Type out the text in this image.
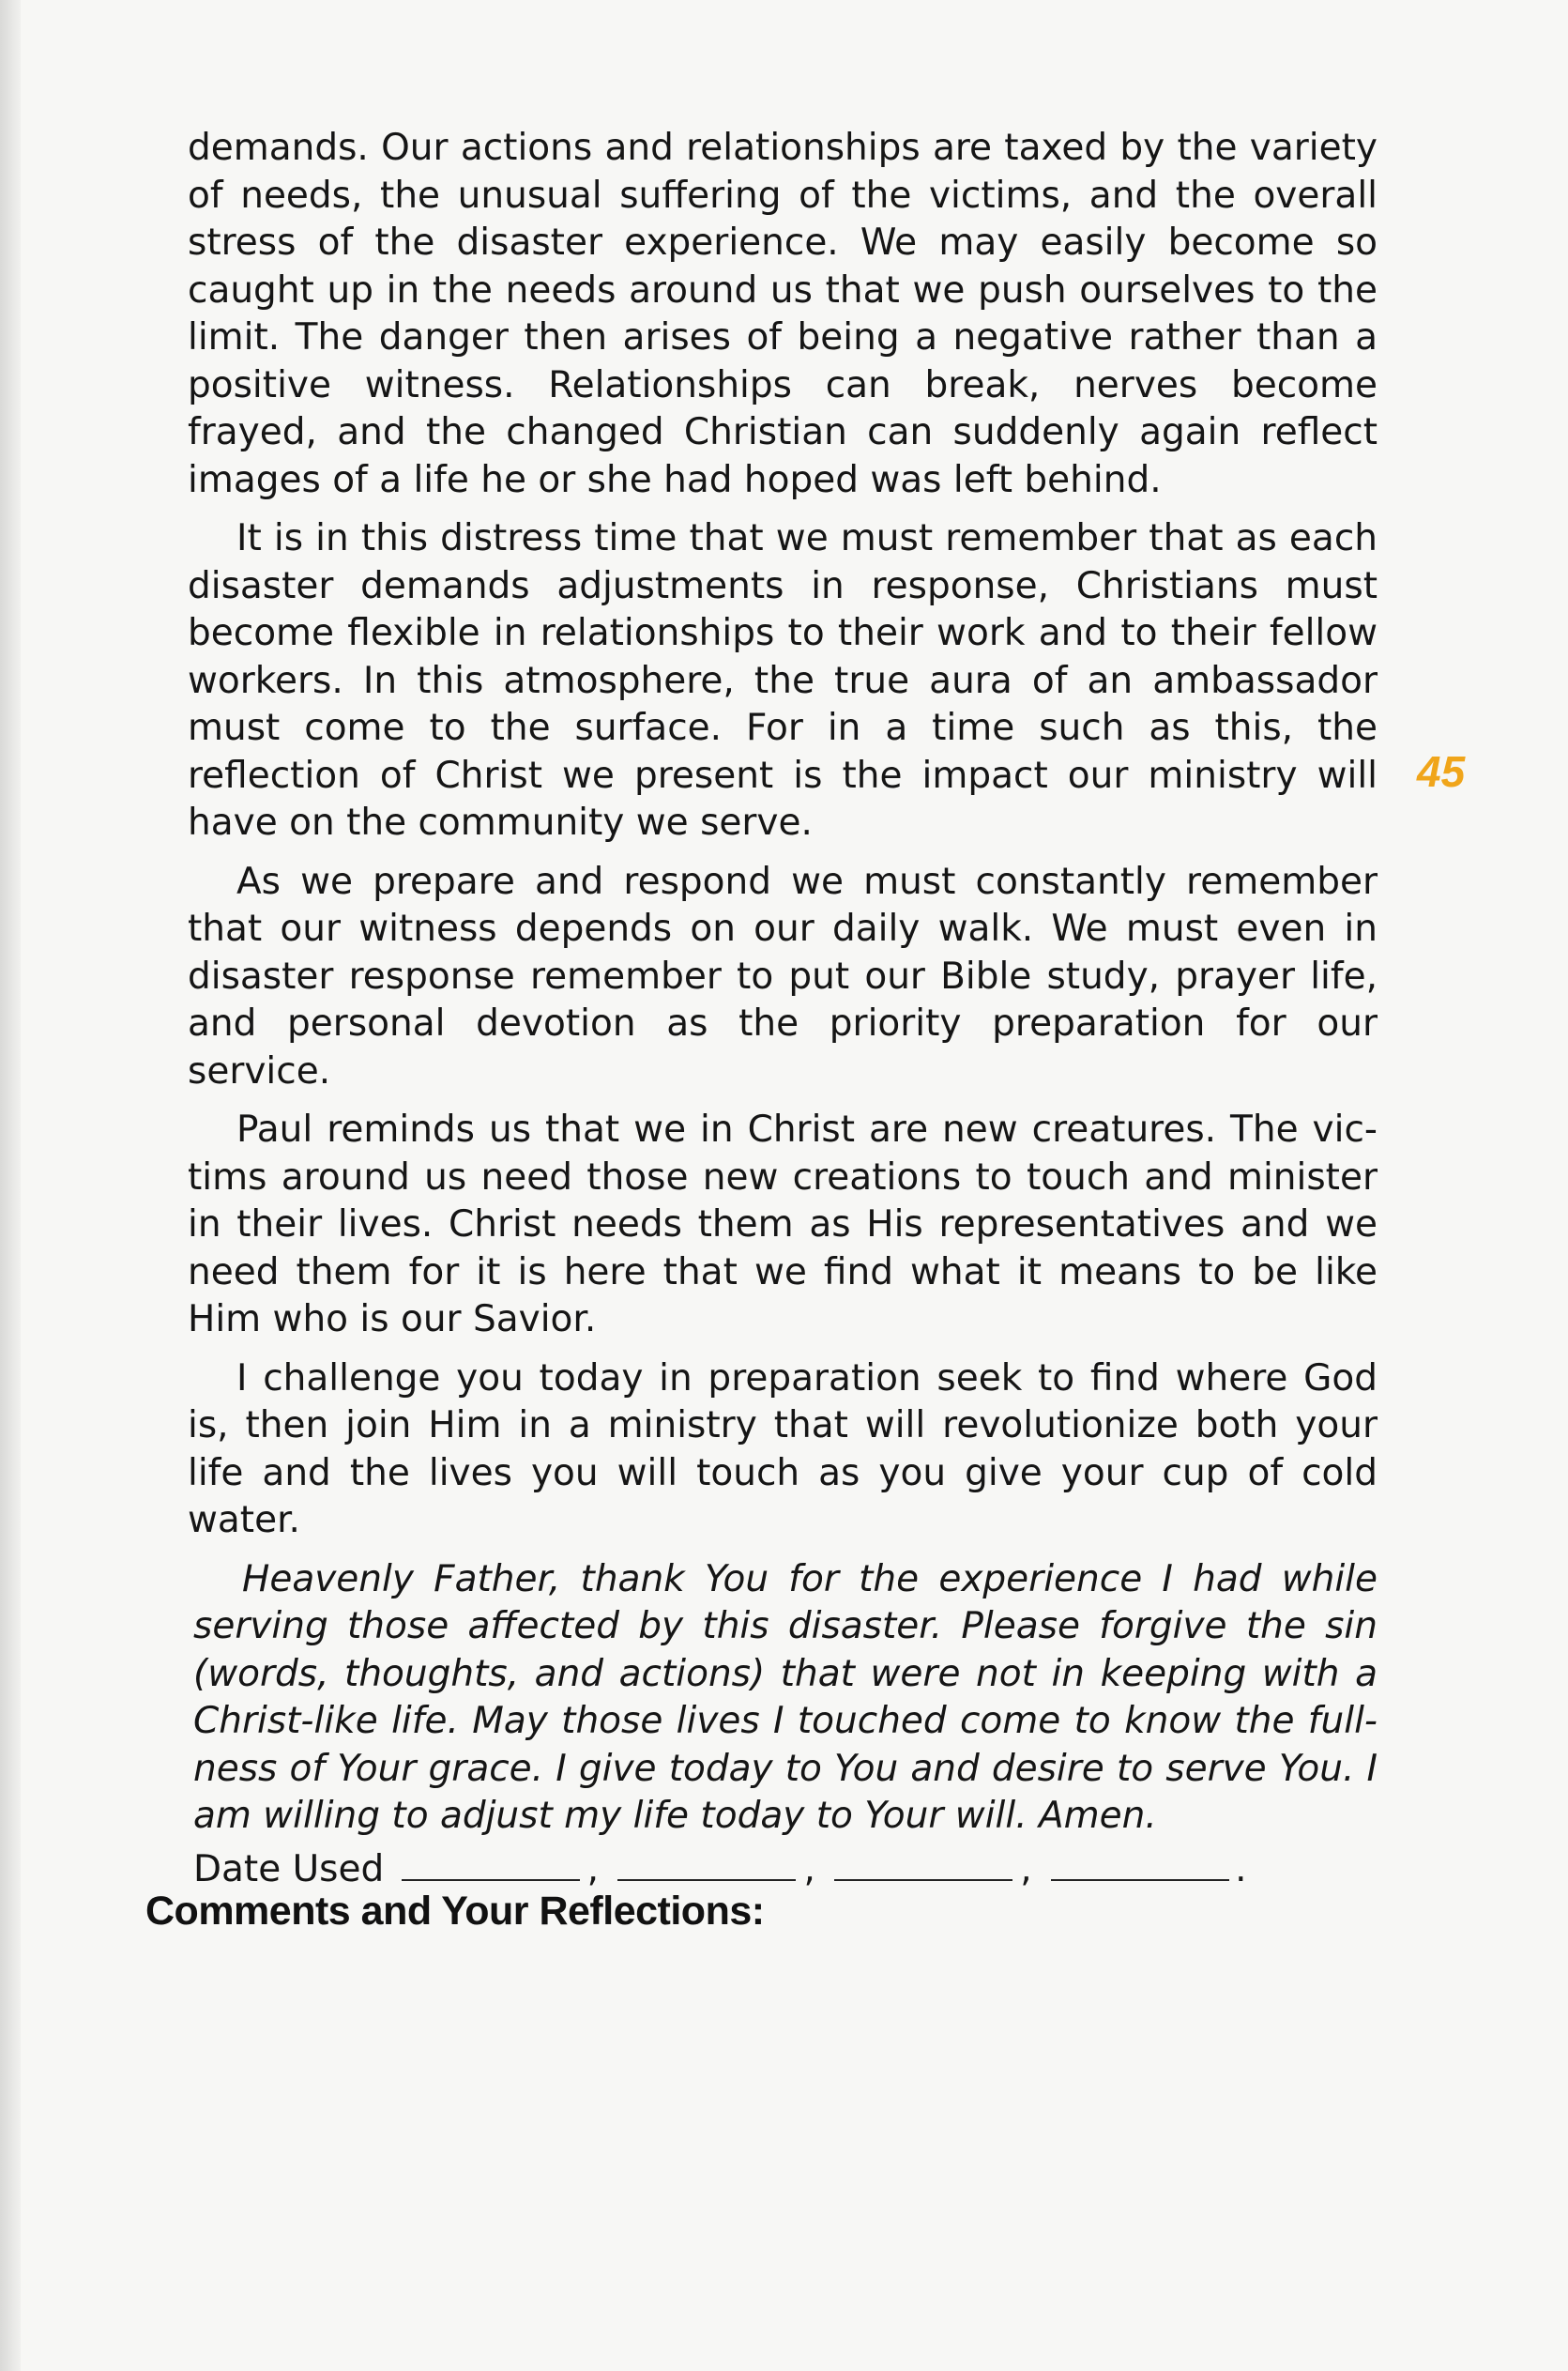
demands. Our actions and relationships are taxed by the variety of needs, the unusual suffering of the victims, and the overall stress of the disaster experience. We may easily become so caught up in the needs around us that we push ourselves to the limit. The danger then arises of being a negative rather than a positive witness. Relationships can break, nerves become frayed, and the changed Christian can suddenly again reflect images of a life he or she had hoped was left behind.

It is in this distress time that we must remember that as each disaster demands adjustments in response, Christians must become flexible in relationships to their work and to their fellow workers. In this atmosphere, the true aura of an ambassador must come to the surface. For in a time such as this, the reflection of Christ we present is the impact our ministry will have on the community we serve.

As we prepare and respond we must constantly remember that our witness depends on our daily walk. We must even in disaster response remember to put our Bible study, prayer life, and personal devotion as the priority preparation for our service.

Paul reminds us that we in Christ are new creatures. The victims around us need those new creations to touch and minister in their lives. Christ needs them as His representatives and we need them for it is here that we find what it means to be like Him who is our Savior.

I challenge you today in preparation seek to find where God is, then join Him in a ministry that will revolutionize both your life and the lives you will touch as you give your cup of cold water.

Heavenly Father, thank You for the experience I had while serving those affected by this disaster. Please forgive the sin (words, thoughts, and actions) that were not in keeping with a Christ-like life. May those lives I touched come to know the fullness of Your grace. I give today to You and desire to serve You. I am willing to adjust my life today to Your will. Amen.

Date Used	,	,	,	.

Comments and Your Reflections:
45
